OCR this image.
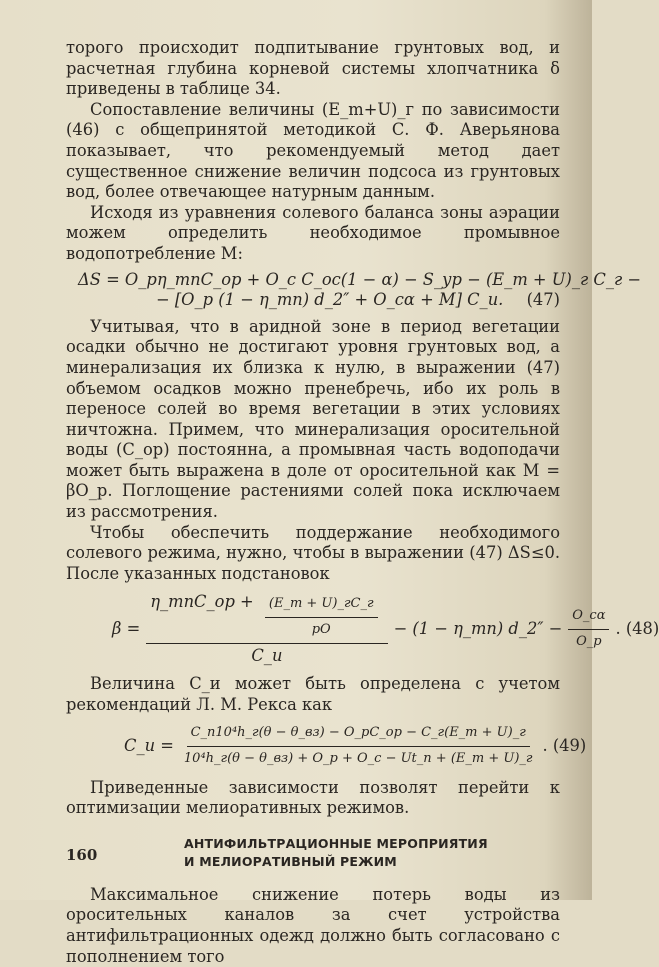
торого происходит подпитывание грунтовых вод, и расчетная глубина корневой системы хлопчатника δ приведены в таблице 34.

Сопоставление величины (E_m+U)_г по зависимости (46) с общепринятой методикой С. Ф. Аверьянова показывает, что рекомендуемый метод дает существенное снижение величин подсоса из грунтовых вод, более отвечающее натурным данным.

Исходя из уравнения солевого баланса зоны аэрации можем определить необходимое промывное водопотребление M:

ΔS = O_рη_mnC_ор + O_с C_ос(1 − α) − S_ур − (E_m + U)_г C_г −
− [O_р (1 − η_mn) d_2″ + O_сα + M] C_и. (47)

Учитывая, что в аридной зоне в период вегетации осадки обычно не достигают уровня грунтовых вод, а минерализация их близка к нулю, в выражении (47) объемом осадков можно пренебречь, ибо их роль в переносе солей во время вегетации в этих условиях ничтожна. Примем, что минерализация оросительной воды (C_ор) постоянна, а промывная часть водоподачи может быть выражена в доле от оросительной как M = βO_р. Поглощение растениями солей пока исключаем из рассмотрения.

Чтобы обеспечить поддержание необходимого солевого режима, нужно, чтобы в выражении (47) ΔS≤0. После указанных подстановок

β =
η_mnC_ор + $\frac{(E\_m + U)\_гC\_г}{pO}$
C_и
− (1 − η_mn) d_2″ − $\frac{O\_с\alpha}{O\_р}$ . (48)

Величина C_и может быть определена с учетом рекомендаций Л. М. Рекса как

C_и = $\frac{\text{C\_п10⁴h\_г(θ − θ\_вз) − O\_рC\_ор − C\_г(E\_m + U)\_г}}{\text{10⁴h\_г(θ − θ\_вз) + O\_р + O\_с − Ut\_п + (E\_m + U)\_г}}$ . (49)

Приведенные зависимости позволят перейти к оптимизации мелиоративных режимов.

АНТИФИЛЬТРАЦИОННЫЕ МЕРОПРИЯТИЯ
И МЕЛИОРАТИВНЫЙ РЕЖИМ

Максимальное снижение потерь воды из оросительных каналов за счет устройства антифильтрационных одежд должно быть согласовано с пополнением того

160
